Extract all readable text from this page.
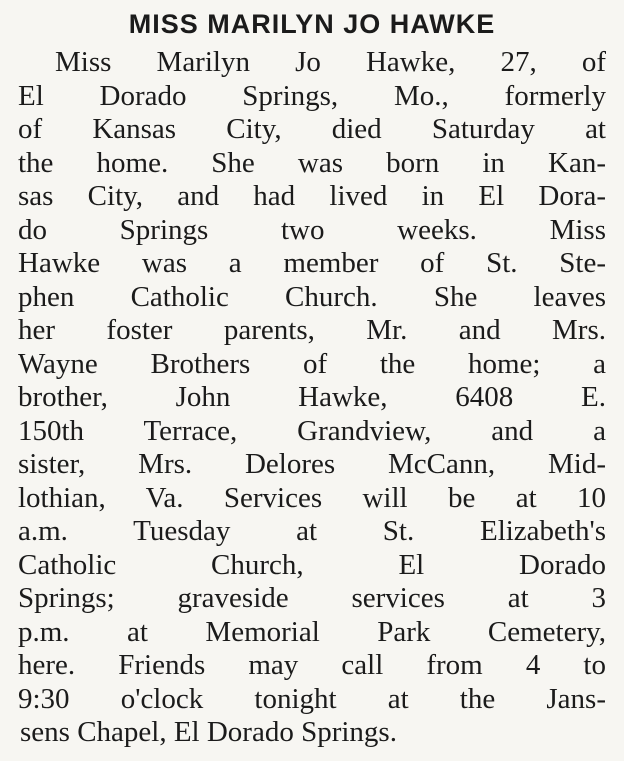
MISS MARILYN JO HAWKE
Miss Marilyn Jo Hawke, 27, of
El Dorado Springs, Mo., formerly
of Kansas City, died Saturday at
the home. She was born in Kan-
sas City, and had lived in El Dora-
do Springs two weeks. Miss
Hawke was a member of St. Ste-
phen Catholic Church. She leaves
her foster parents, Mr. and Mrs.
Wayne Brothers of the home; a
brother, John Hawke, 6408 E.
150th Terrace, Grandview, and a
sister, Mrs. Delores McCann, Mid-
lothian, Va. Services will be at 10
a.m. Tuesday at St. Elizabeth's
Catholic Church, El Dorado
Springs; graveside services at 3
p.m. at Memorial Park Cemetery,
here. Friends may call from 4 to
9:30 o'clock tonight at the Jans-
sens Chapel, El Dorado Springs.
